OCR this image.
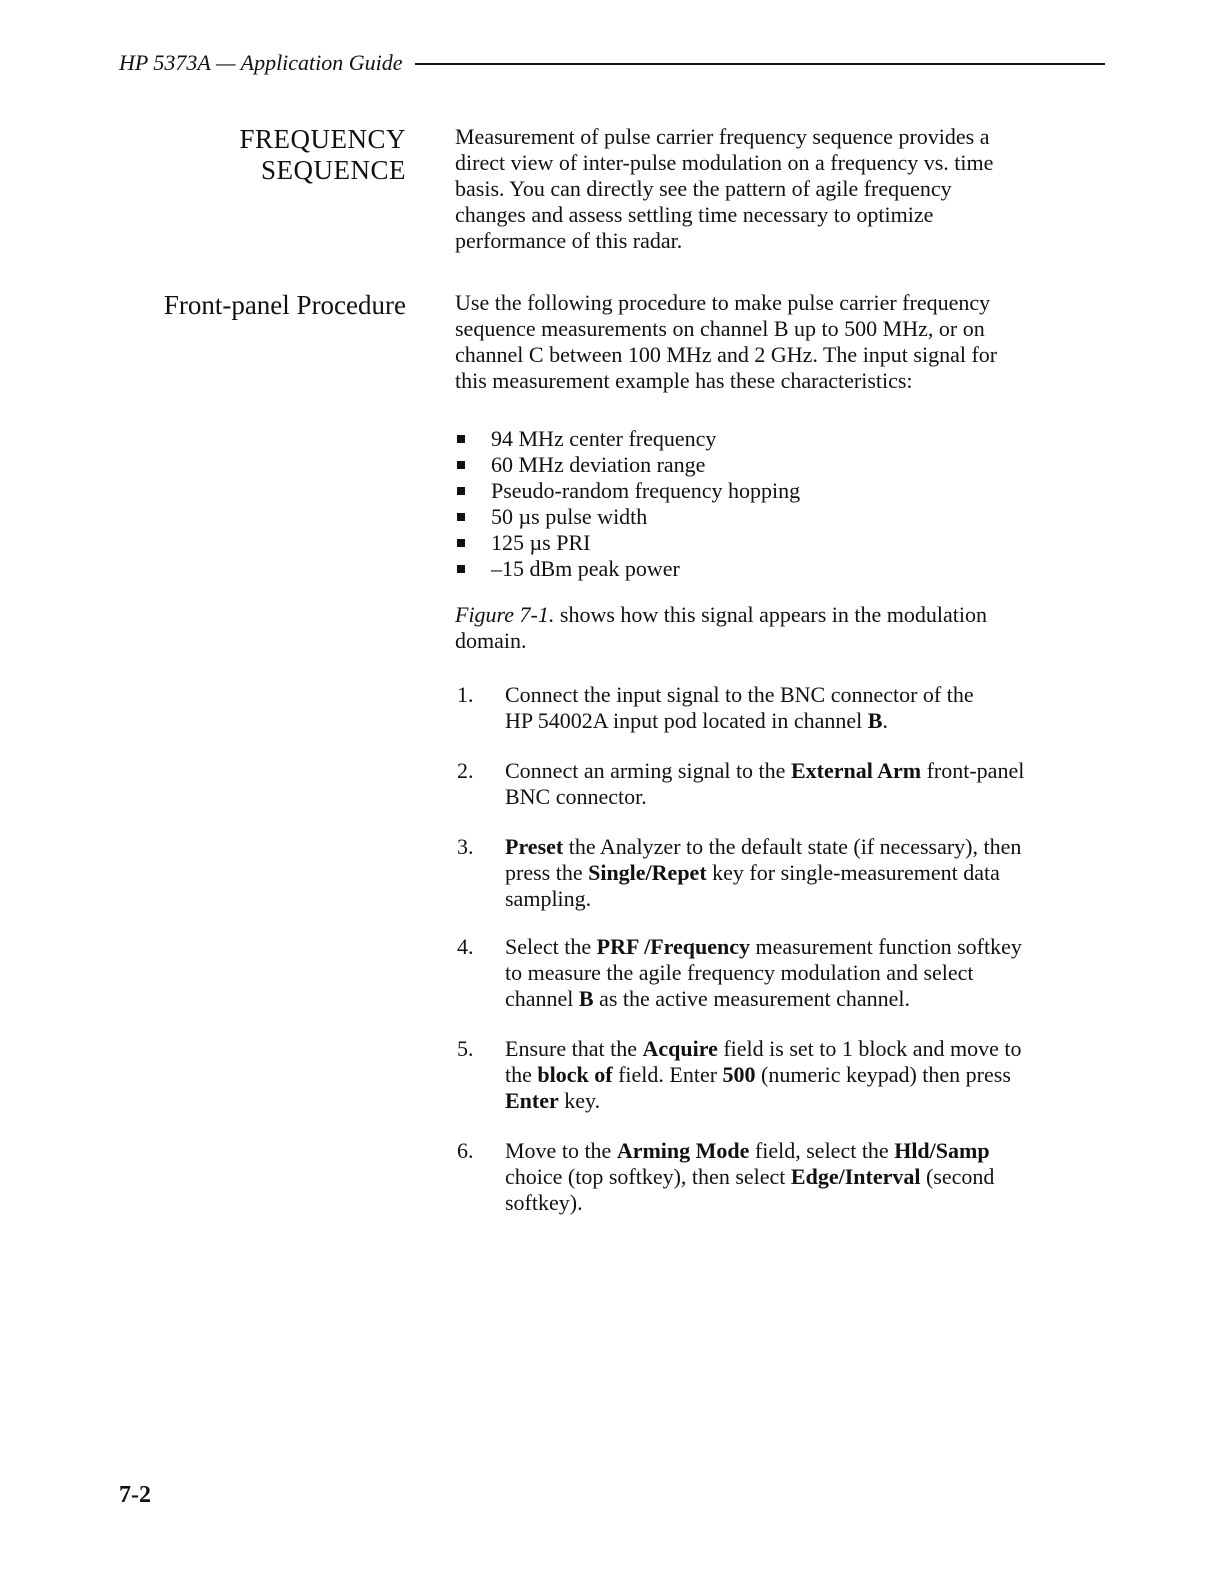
HP 5373A — Application Guide
FREQUENCY
SEQUENCE
Measurement of pulse carrier frequency sequence provides a
direct view of inter-pulse modulation on a frequency vs. time
basis. You can directly see the pattern of agile frequency
changes and assess settling time necessary to optimize
performance of this radar.
Front-panel Procedure Use the following procedure to make pulse carrier frequency
sequence measurements on channel B up to 500 MHz, or on
channel C between 100 MHz and 2 GHz. The input signal for
this measurement example has these characteristics:
94 MHz center frequency
60 MHz deviation range
Pseudo-random frequency hopping
50 µs pulse width
125 µs PRI
–15 dBm peak power
Figure 7-1. shows how this signal appears in the modulation
domain.
1. Connect the input signal to the BNC connector of the
HP 54002A input pod located in channel B.
2. Connect an arming signal to the External Arm front-panel
BNC connector.
3. Preset the Analyzer to the default state (if necessary), then
press the Single/Repet key for single-measurement data
sampling.
4. Select the PRF /Frequency measurement function softkey
to measure the agile frequency modulation and select
channel B as the active measurement channel.
5. Ensure that the Acquire field is set to 1 block and move to
the block of field. Enter 500 (numeric keypad) then press
Enter key.
6. Move to the Arming Mode field, select the Hld/Samp
choice (top softkey), then select Edge/Interval (second
softkey).
7-2
